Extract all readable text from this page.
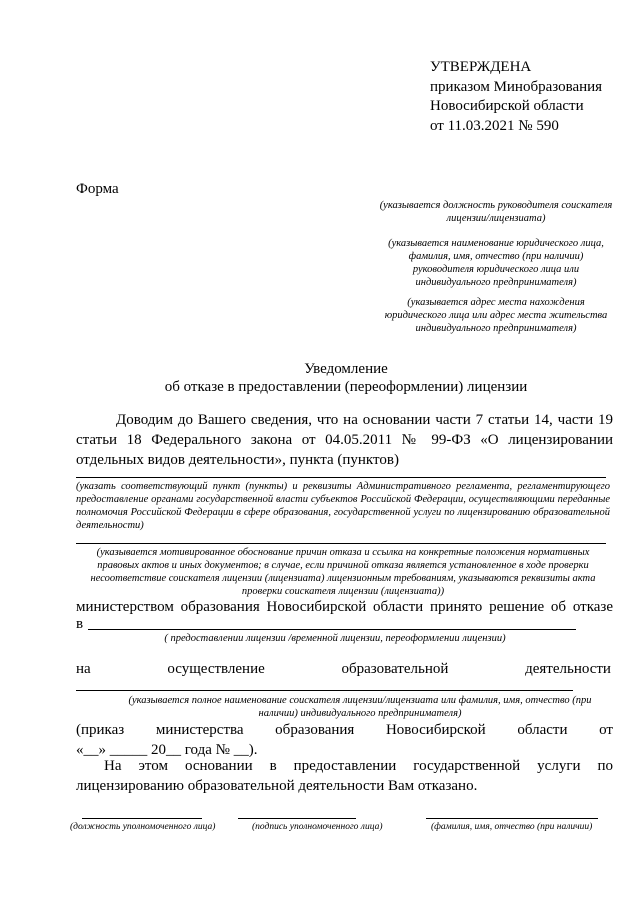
УТВЕРЖДЕНА
приказом Минобразования
Новосибирской области
от 11.03.2021 № 590
Форма
(указывается должность руководителя соискателя лицензии/лицензиата)
(указывается наименование юридического лица, фамилия, имя, отчество (при наличии) руководителя юридического лица или индивидуального предпринимателя)
(указывается адрес места нахождения юридического лица или адрес места жительства индивидуального предпринимателя)
Уведомление
об отказе в предоставлении (переоформлении) лицензии
Доводим до Вашего сведения, что на основании части 7 статьи 14, части 19
статьи 18 Федерального закона от 04.05.2011 № 99-ФЗ «О лицензировании
отдельных видов деятельности», пункта (пунктов)
(указать соответствующий пункт (пункты) и реквизиты Административного регламента, регламентирующего предоставление органами государственной власти субъектов Российской Федерации, осуществляющими переданные полномочия Российской Федерации в сфере образования, государственной услуги по лицензированию образовательной деятельности)
(указывается мотивированное обоснование причин отказа и ссылка на конкретные положения нормативных правовых актов и иных документов; в случае, если причиной отказа является установленное в ходе проверки несоответствие соискателя лицензии (лицензиата) лицензионным требованиям, указываются реквизиты акта проверки соискателя лицензии (лицензиата))
министерством образования Новосибирской области принято решение об отказе
в
( предоставлении лицензии /временной лицензии, переоформлении лицензии)
на	осуществление	образовательной	деятельности
(указывается полное наименование соискателя лицензии/лицензиата или фамилия, имя, отчество (при наличии) индивидуального предпринимателя)
(приказ министерства образования Новосибирской области от
«__» _____ 20__ года № __).
На этом основании в предоставлении государственной услуги по
лицензированию образовательной деятельности Вам отказано.
(должность уполномоченного лица)	(подпись уполномоченного лица)	(фамилия, имя, отчество (при наличии)
